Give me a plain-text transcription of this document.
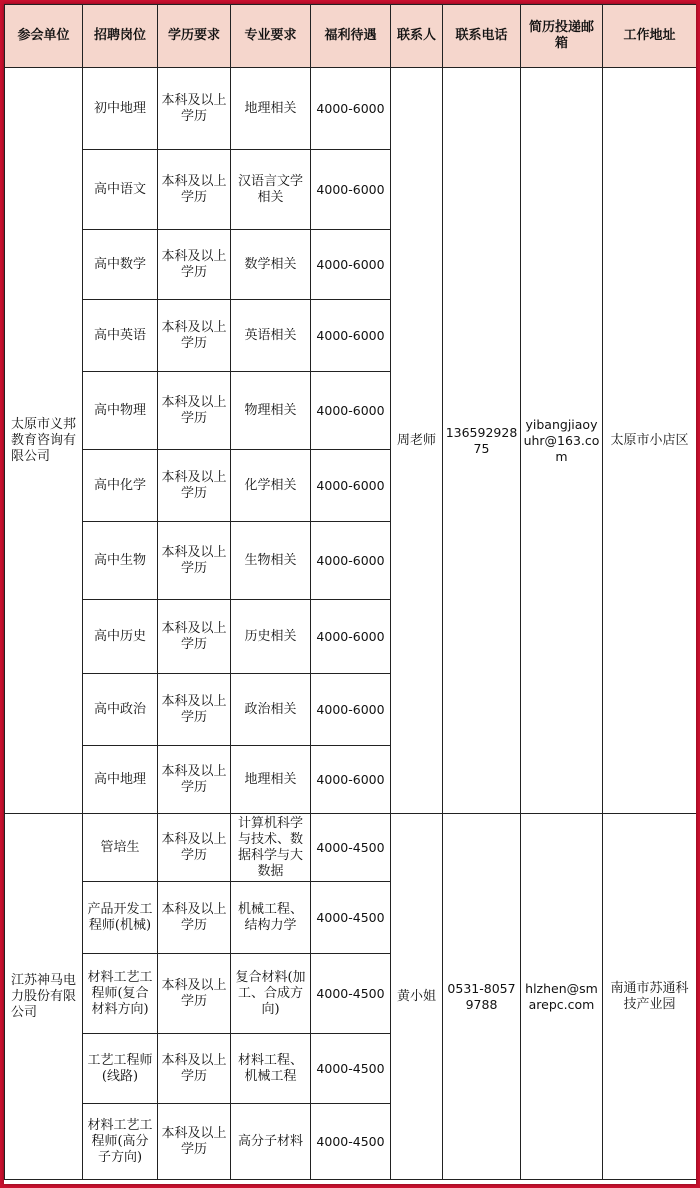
参会单位	招聘岗位	学历要求	专业要求	福利待遇	联系人	联系电话	简历投递邮箱	工作地址
太原市义邦教育咨询有限公司	初中地理	本科及以上学历	地理相关	4000-6000	周老师	13659292875	yibangjiaoyuhr@163.com	太原市小店区
	高中语文	本科及以上学历	汉语言文学相关	4000-6000				
	高中数学	本科及以上学历	数学相关	4000-6000				
	高中英语	本科及以上学历	英语相关	4000-6000				
	高中物理	本科及以上学历	物理相关	4000-6000				
	高中化学	本科及以上学历	化学相关	4000-6000				
	高中生物	本科及以上学历	生物相关	4000-6000				
	高中历史	本科及以上学历	历史相关	4000-6000				
	高中政治	本科及以上学历	政治相关	4000-6000				
	高中地理	本科及以上学历	地理相关	4000-6000				
江苏神马电力股份有限公司	管培生	本科及以上学历	计算机科学与技术、数据科学与大数据	4000-4500	黄小姐	0531-80579788	hlzhen@smarepc.com	南通市苏通科技产业园
	产品开发工程师(机械)	本科及以上学历	机械工程、结构力学	4000-4500				
	材料工艺工程师(复合材料方向)	本科及以上学历	复合材料(加工、合成方向)	4000-4500				
	工艺工程师(线路)	本科及以上学历	材料工程、机械工程	4000-4500				
	材料工艺工程师(高分子方向)	本科及以上学历	高分子材料	4000-4500				
